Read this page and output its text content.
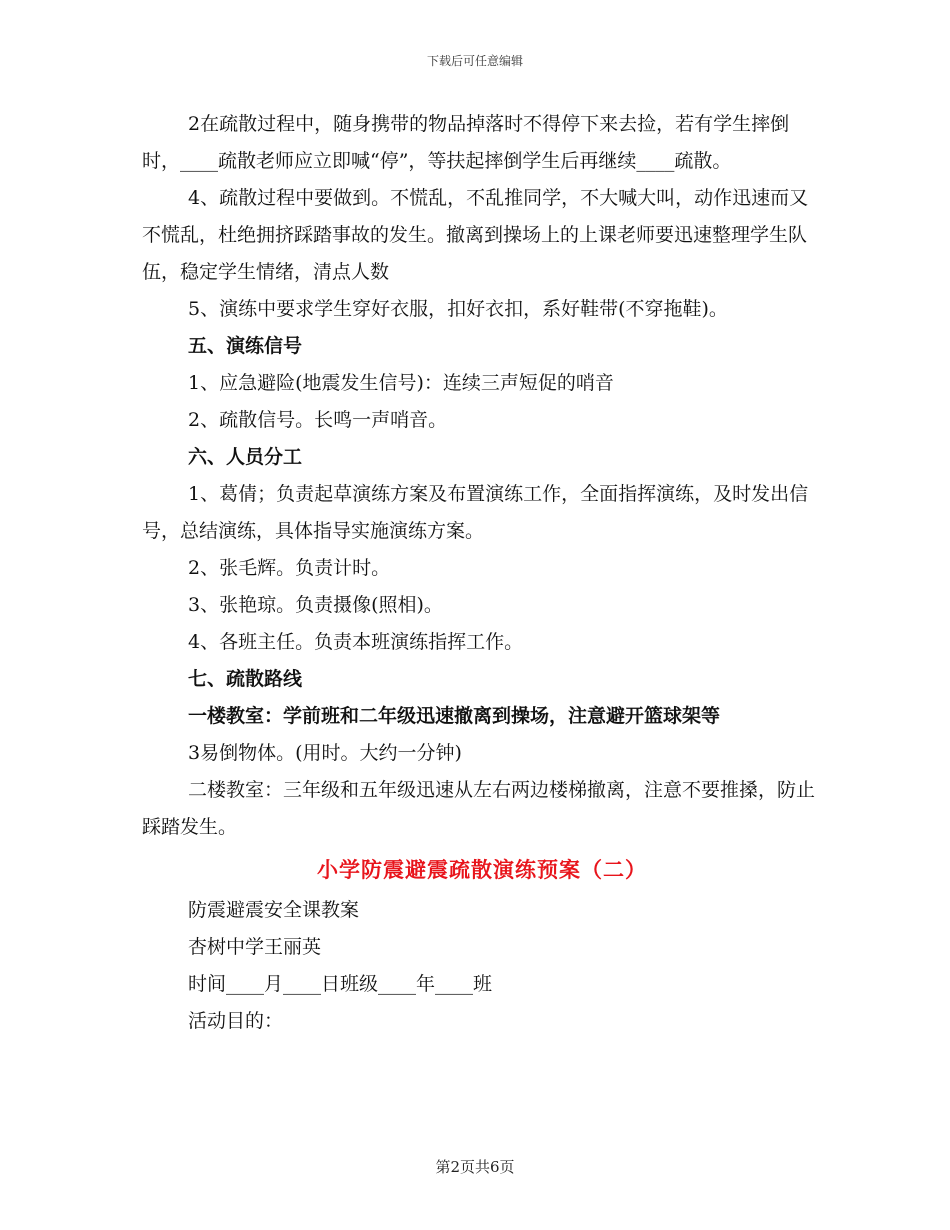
下载后可任意编辑

2在疏散过程中，随身携带的物品掉落时不得停下来去捡，若有学生摔倒时，____疏散老师应立即喊“停”，等扶起摔倒学生后再继续____疏散。

4、疏散过程中要做到。不慌乱，不乱推同学，不大喊大叫，动作迅速而又不慌乱，杜绝拥挤踩踏事故的发生。撤离到操场上的上课老师要迅速整理学生队伍，稳定学生情绪，清点人数

5、演练中要求学生穿好衣服，扣好衣扣，系好鞋带(不穿拖鞋)。

五、演练信号

1、应急避险(地震发生信号)：连续三声短促的哨音

2、疏散信号。长鸣一声哨音。

六、人员分工

1、葛倩；负责起草演练方案及布置演练工作，全面指挥演练，及时发出信号，总结演练，具体指导实施演练方案。

2、张毛辉。负责计时。

3、张艳琼。负责摄像(照相)。

4、各班主任。负责本班演练指挥工作。

七、疏散路线

一楼教室：学前班和二年级迅速撤离到操场，注意避开篮球架等

3易倒物体。(用时。大约一分钟)

二楼教室：三年级和五年级迅速从左右两边楼梯撤离，注意不要推搡，防止踩踏发生。

小学防震避震疏散演练预案（二）

防震避震安全课教案

杏树中学王丽英

时间____月____日班级____年____班

活动目的：

第2页共6页
